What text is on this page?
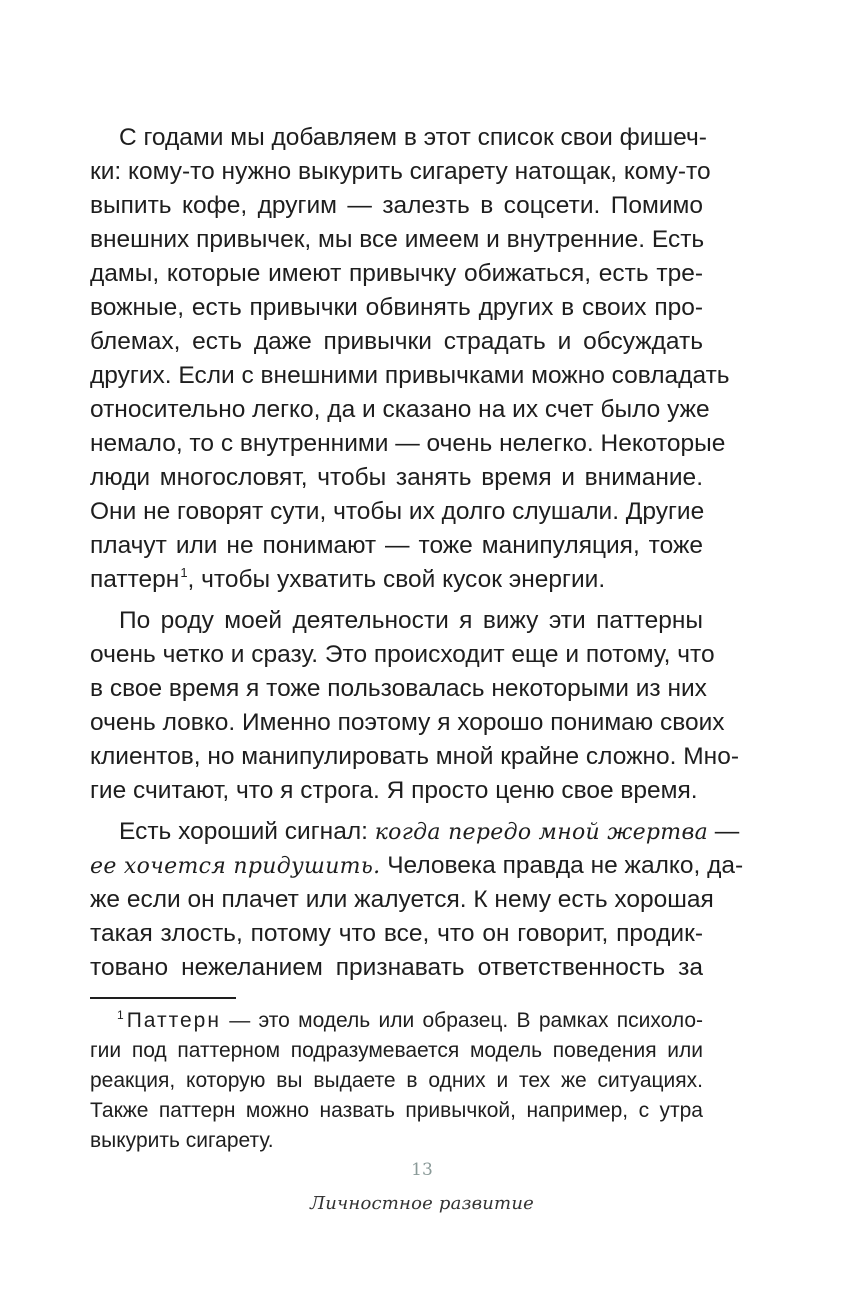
С годами мы добавляем в этот список свои фишеч-
ки: кому-то нужно выкурить сигарету натощак, кому-то
выпить кофе, другим — залезть в соцсети. Помимо
внешних привычек, мы все имеем и внутренние. Есть
дамы, которые имеют привычку обижаться, есть тре-
вожные, есть привычки обвинять других в своих про-
блемах, есть даже привычки страдать и обсуждать
других. Если с внешними привычками можно совладать
относительно легко, да и сказано на их счет было уже
немало, то с внутренними — очень нелегко. Некоторые
люди многословят, чтобы занять время и внимание.
Они не говорят сути, чтобы их долго слушали. Другие
плачут или не понимают — тоже манипуляция, тоже
паттерн$^1$, чтобы ухватить свой кусок энергии.
По роду моей деятельности я вижу эти паттерны
очень четко и сразу. Это происходит еще и потому, что
в свое время я тоже пользовалась некоторыми из них
очень ловко. Именно поэтому я хорошо понимаю своих
клиентов, но манипулировать мной крайне сложно. Мно-
гие считают, что я строга. Я просто ценю свое время.
Есть хороший сигнал: когда передо мной жертва —
ее хочется придушить. Человека правда не жалко, да-
же если он плачет или жалуется. К нему есть хорошая
такая злость, потому что все, что он говорит, продик-
товано нежеланием признавать ответственность за
$^1$ Паттерн — это модель или образец. В рамках психоло-
гии под паттерном подразумевается модель поведения или
реакция, которую вы выдаете в одних и тех же ситуациях.
Также паттерн можно назвать привычкой, например, с утра
выкурить сигарету.
13
Личностное развитие
